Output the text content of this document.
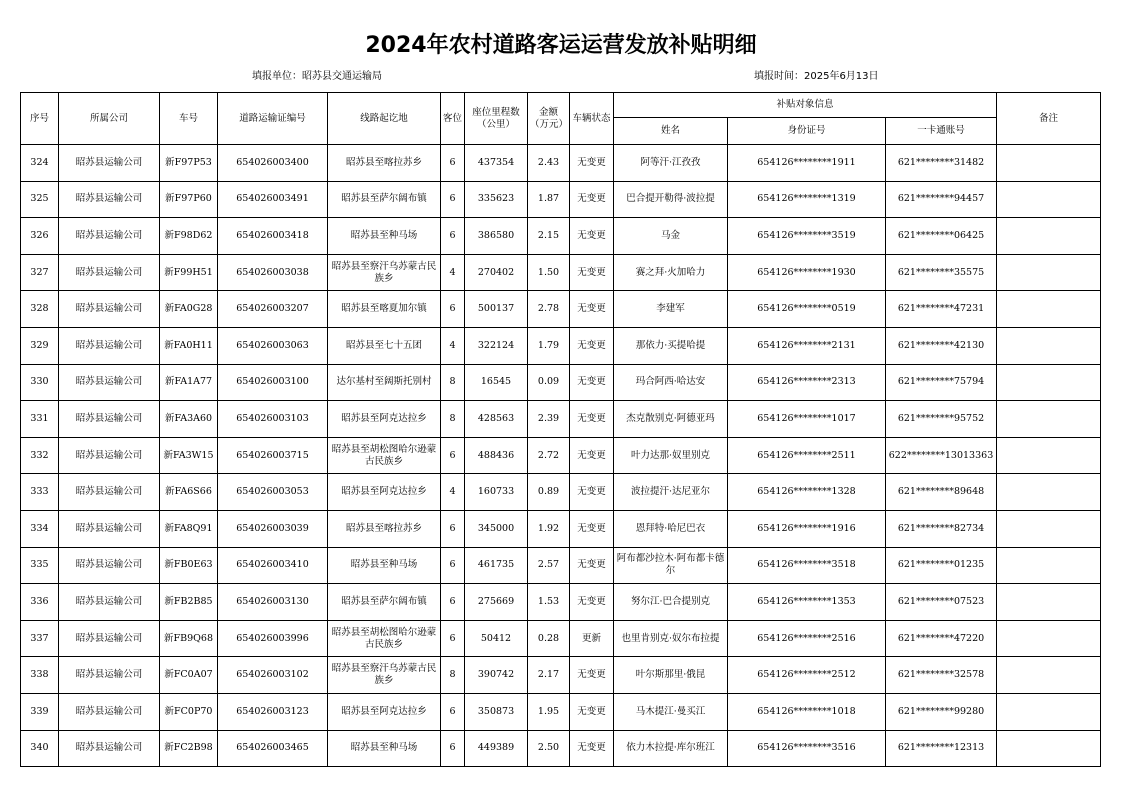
2024年农村道路客运运营发放补贴明细
填报单位：昭苏县交通运输局	填报时间：2025年6月13日
序号	所属公司	车号	道路运输证编号	线路起讫地	客位	座位里程数（公里）	金额（万元）	车辆状态	补贴对象信息			备注
									姓名	身份证号	一卡通账号	
324	昭苏县运输公司	新F97P53	654026003400	昭苏县至喀拉苏乡	6	437354	2.43	无变更	阿等汗·江孜孜	654126********1911	621********31482	
325	昭苏县运输公司	新F97P60	654026003491	昭苏县至萨尔阔布镇	6	335623	1.87	无变更	巴合提开勒得·波拉提	654126********1319	621********94457	
326	昭苏县运输公司	新F98D62	654026003418	昭苏县至种马场	6	386580	2.15	无变更	马金	654126********3519	621********06425	
327	昭苏县运输公司	新F99H51	654026003038	昭苏县至察汗乌苏蒙古民族乡	4	270402	1.50	无变更	赛之拜·火加哈力	654126********1930	621********35575	
328	昭苏县运输公司	新FA0G28	654026003207	昭苏县至喀夏加尔镇	6	500137	2.78	无变更	李建军	654126********0519	621********47231	
329	昭苏县运输公司	新FA0H11	654026003063	昭苏县至七十五团	4	322124	1.79	无变更	那依力·买提哈提	654126********2131	621********42130	
330	昭苏县运输公司	新FA1A77	654026003100	达尔基村至阔斯托别村	8	16545	0.09	无变更	玛合阿西·哈达安	654126********2313	621********75794	
331	昭苏县运输公司	新FA3A60	654026003103	昭苏县至阿克达拉乡	8	428563	2.39	无变更	杰克散别克·阿德亚玛	654126********1017	621********95752	
332	昭苏县运输公司	新FA3W15	654026003715	昭苏县至胡松图哈尔逊蒙古民族乡	6	488436	2.72	无变更	叶力达那·奴里别克	654126********2511	622********13013363	
333	昭苏县运输公司	新FA6S66	654026003053	昭苏县至阿克达拉乡	4	160733	0.89	无变更	波拉提汗·达尼亚尔	654126********1328	621********89648	
334	昭苏县运输公司	新FA8Q91	654026003039	昭苏县至喀拉苏乡	6	345000	1.92	无变更	恩拜特·哈尼巴衣	654126********1916	621********82734	
335	昭苏县运输公司	新FB0E63	654026003410	昭苏县至种马场	6	461735	2.57	无变更	阿布都沙拉木·阿布都卡德尔	654126********3518	621********01235	
336	昭苏县运输公司	新FB2B85	654026003130	昭苏县至萨尔阔布镇	6	275669	1.53	无变更	努尔江·巴合提别克	654126********1353	621********07523	
337	昭苏县运输公司	新FB9Q68	654026003996	昭苏县至胡松图哈尔逊蒙古民族乡	6	50412	0.28	更新	也里肯别克·奴尔布拉提	654126********2516	621********47220	
338	昭苏县运输公司	新FC0A07	654026003102	昭苏县至察汗乌苏蒙古民族乡	8	390742	2.17	无变更	叶尔斯那里·俄昆	654126********2512	621********32578	
339	昭苏县运输公司	新FC0P70	654026003123	昭苏县至阿克达拉乡	6	350873	1.95	无变更	马木提江·曼买江	654126********1018	621********99280	
340	昭苏县运输公司	新FC2B98	654026003465	昭苏县至种马场	6	449389	2.50	无变更	依力木拉提·库尔班江	654126********3516	621********12313	
